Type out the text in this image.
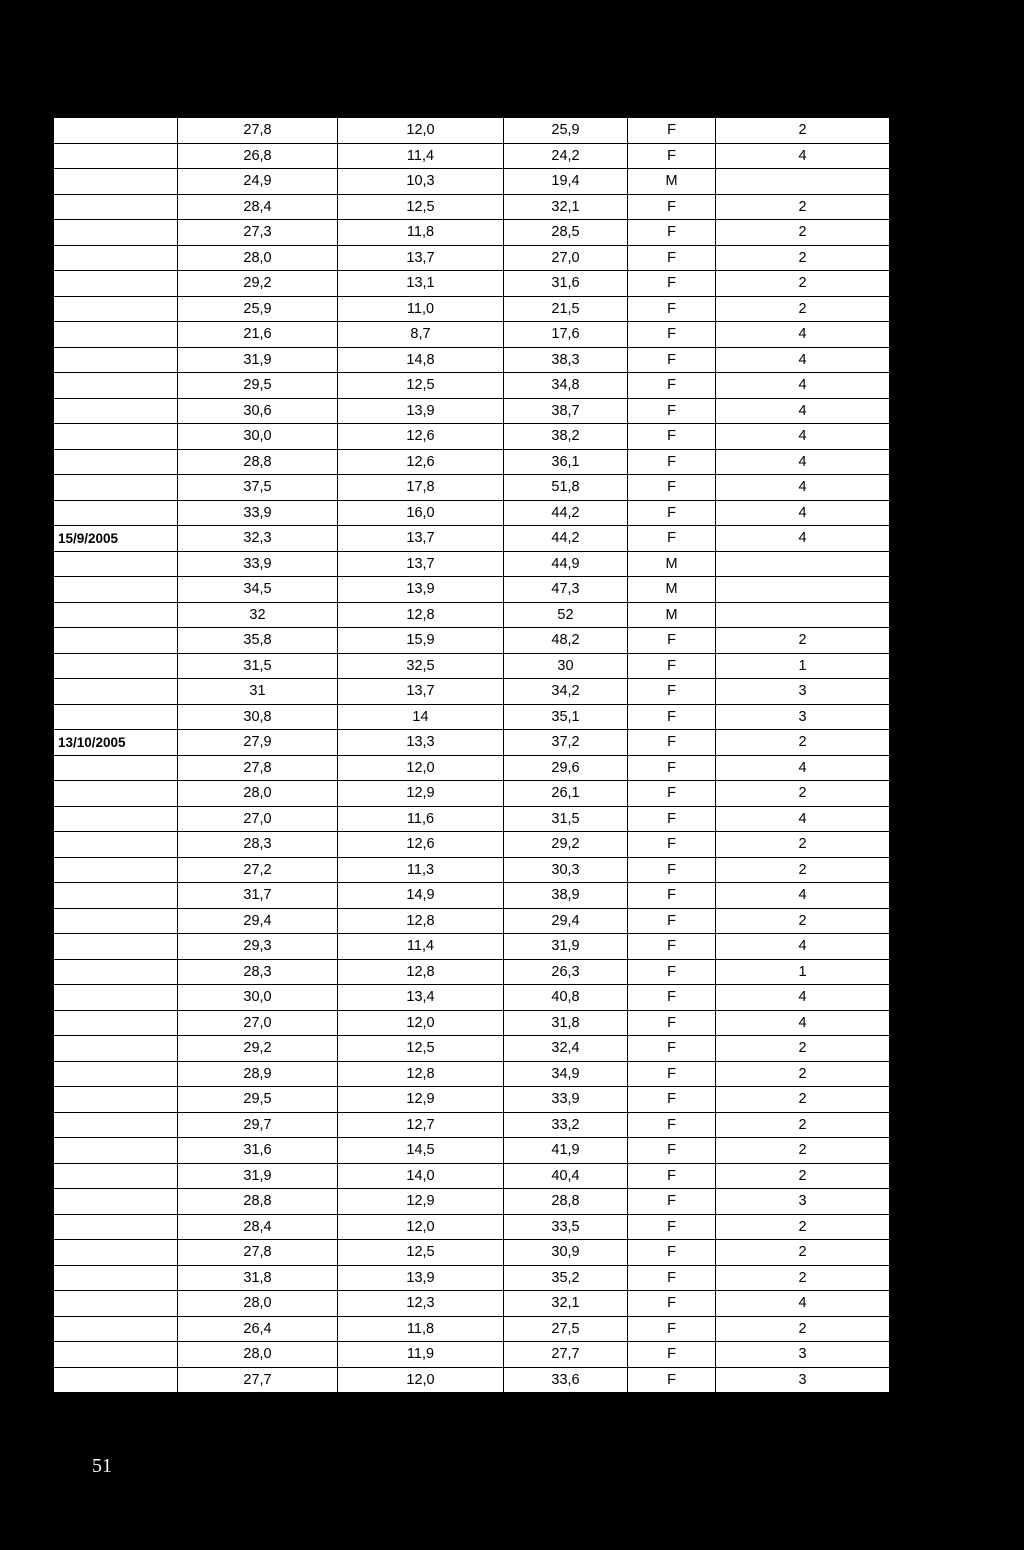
	27,8	12,0	25,9	F	2
	26,8	11,4	24,2	F	4
	24,9	10,3	19,4	M	
	28,4	12,5	32,1	F	2
	27,3	11,8	28,5	F	2
	28,0	13,7	27,0	F	2
	29,2	13,1	31,6	F	2
	25,9	11,0	21,5	F	2
	21,6	8,7	17,6	F	4
	31,9	14,8	38,3	F	4
	29,5	12,5	34,8	F	4
	30,6	13,9	38,7	F	4
	30,0	12,6	38,2	F	4
	28,8	12,6	36,1	F	4
	37,5	17,8	51,8	F	4
	33,9	16,0	44,2	F	4
15/9/2005	32,3	13,7	44,2	F	4
	33,9	13,7	44,9	M	
	34,5	13,9	47,3	M	
	32	12,8	52	M	
	35,8	15,9	48,2	F	2
	31,5	32,5	30	F	1
	31	13,7	34,2	F	3
	30,8	14	35,1	F	3
13/10/2005	27,9	13,3	37,2	F	2
	27,8	12,0	29,6	F	4
	28,0	12,9	26,1	F	2
	27,0	11,6	31,5	F	4
	28,3	12,6	29,2	F	2
	27,2	11,3	30,3	F	2
	31,7	14,9	38,9	F	4
	29,4	12,8	29,4	F	2
	29,3	11,4	31,9	F	4
	28,3	12,8	26,3	F	1
	30,0	13,4	40,8	F	4
	27,0	12,0	31,8	F	4
	29,2	12,5	32,4	F	2
	28,9	12,8	34,9	F	2
	29,5	12,9	33,9	F	2
	29,7	12,7	33,2	F	2
	31,6	14,5	41,9	F	2
	31,9	14,0	40,4	F	2
	28,8	12,9	28,8	F	3
	28,4	12,0	33,5	F	2
	27,8	12,5	30,9	F	2
	31,8	13,9	35,2	F	2
	28,0	12,3	32,1	F	4
	26,4	11,8	27,5	F	2
	28,0	11,9	27,7	F	3
	27,7	12,0	33,6	F	3
51
